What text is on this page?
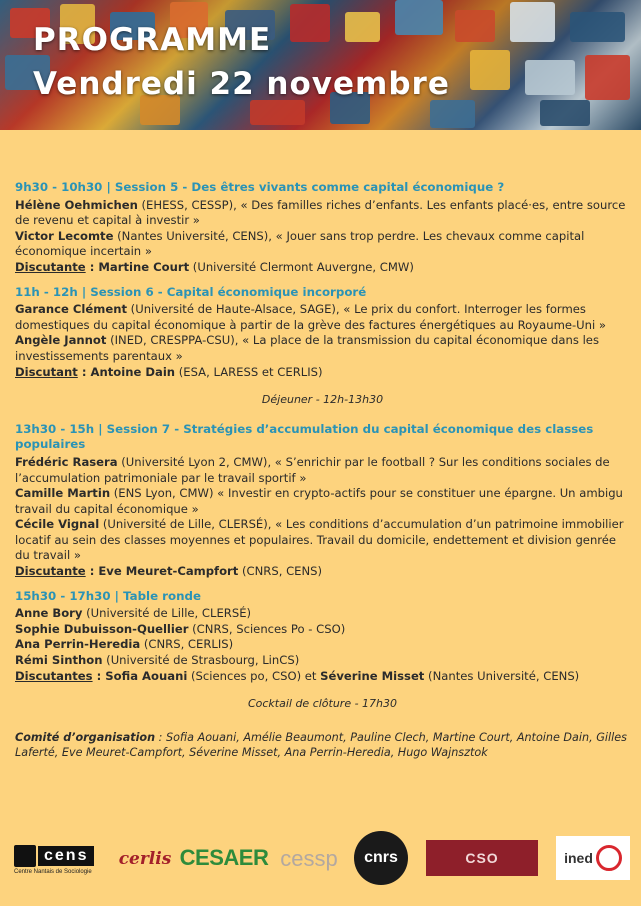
PROGRAMME
Vendredi 22 novembre

9h30 - 10h30 | Session 5 - Des êtres vivants comme capital économique ?

Hélène Oehmichen (EHESS, CESSP), « Des familles riches d’enfants. Les enfants placé·es, entre source de revenu et capital à investir »

Victor Lecomte (Nantes Université, CENS), « Jouer sans trop perdre. Les chevaux comme capital économique incertain »

Discutante : Martine Court (Université Clermont Auvergne, CMW)

11h - 12h | Session 6 - Capital économique incorporé

Garance Clément (Université de Haute-Alsace, SAGE), « Le prix du confort. Interroger les formes domestiques du capital économique à partir de la grève des factures énergétiques au Royaume-Uni »

Angèle Jannot (INED, CRESPPA-CSU), « La place de la transmission du capital économique dans les investissements parentaux »

Discutant : Antoine Dain (ESA, LARESS et CERLIS)

Déjeuner - 12h-13h30

13h30 - 15h | Session 7 - Stratégies d’accumulation du capital économique des classes populaires

Frédéric Rasera (Université Lyon 2, CMW), « S’enrichir par le football ? Sur les conditions sociales de l’accumulation patrimoniale par le travail sportif »

Camille Martin (ENS Lyon, CMW) « Investir en crypto-actifs pour se constituer une épargne. Un ambigu travail du capital économique »

Cécile Vignal (Université de Lille, CLERSÉ), « Les conditions d’accumulation d’un patrimoine immobilier locatif au sein des classes moyennes et populaires. Travail du domicile, endettement et division genrée du travail »

Discutante : Eve Meuret-Campfort (CNRS, CENS)

15h30 - 17h30 | Table ronde

Anne Bory (Université de Lille, CLERSÉ)

Sophie Dubuisson-Quellier (CNRS, Sciences Po - CSO)

Ana Perrin-Heredia (CNRS, CERLIS)

Rémi Sinthon (Université de Strasbourg, LinCS)

Discutantes : Sofia Aouani (Sciences po, CSO) et Séverine Misset (Nantes Université, CENS)

Cocktail de clôture - 17h30

Comité d’organisation : Sofia Aouani, Amélie Beaumont, Pauline Clech, Martine Court, Antoine Dain, Gilles Laferté, Eve Meuret-Campfort, Séverine Misset, Ana Perrin-Heredia, Hugo Wajnsztok

cens
Centre Nantais de Sociologie
cerlis CESAER cessp cnrs	CSO	ined
